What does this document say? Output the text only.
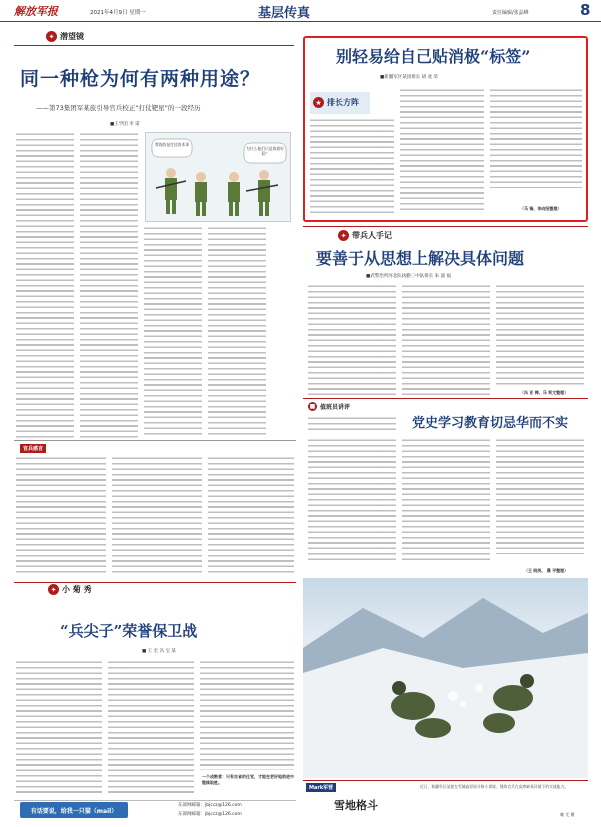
解放军报	2021年4月9日 星期一	基层传真	责任编辑/张晶峰	8
✦ 潜望镜
同一种枪为何有两种用途？
——第73集团军某旅引导官兵校正“打仗靶星”的一段经历
■王学团 李 诺
我练的是打仗的本事
为什么他们只是练着好看？
官兵感言
别轻易给自己贴消极“标签”
■新疆军区某团排长 胡 欢 荣
★ 排长方阵
（马 锋、李向阳整理）
✦ 带兵人手记
要善于从思想上解决具体问题
■武警治所河北队执勤三中队排长 朱 波 福
（冯 亚 梅、马 利文整理）
■ 值班员讲评
党史学习教育切忌华而不实
（王 晓英、 晨 平整理）
✦ 小 菊 秀
“兵尖子”荣誉保卫战
■ 王 宏 冯 宝 某
一个成熟者：只有自省的仕官，才能在更好地前进中继续取胜。
有话要说，给我一只猫（mail）
东部网邮箱：jbjccz@126.com
东部网邮箱：jbjccz@126.com
Mark军营
雪地格斗
近日，新疆军区某旅在雪域高原展开格斗训练，锤炼官兵在高寒缺氧环境下的实战能力。
赖 尤 摄
